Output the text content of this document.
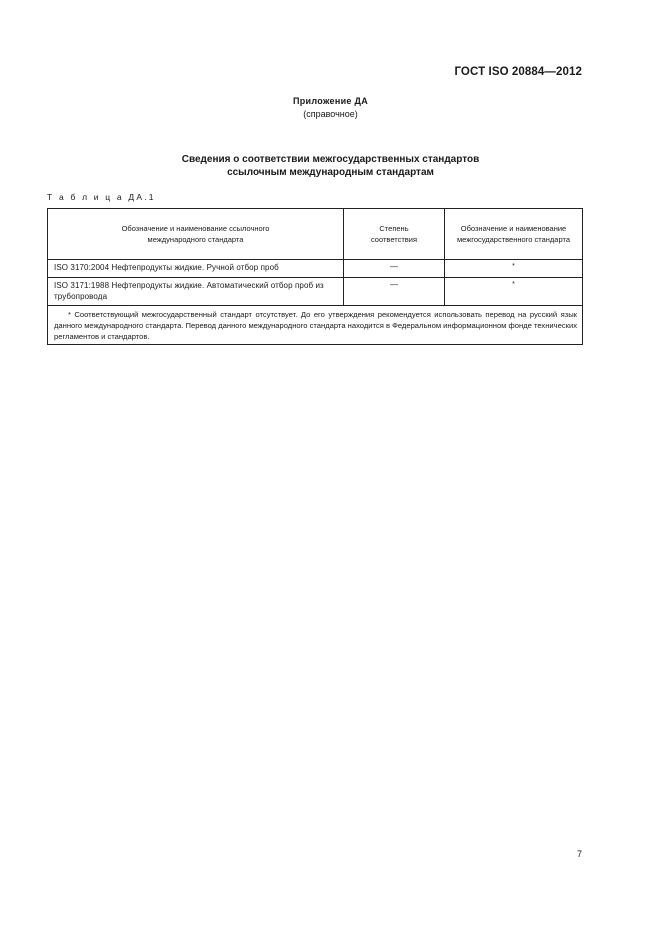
ГОСТ ISO 20884—2012
Приложение ДА
(справочное)
Сведения о соответствии межгосударственных стандартов
ссылочным международным стандартам
Т а б л и ц а ДА.1
Обозначение и наименование ссылочного международного стандарта	Степень соответствия	Обозначение и наименование межгосударственного стандарта
ISO 3170:2004 Нефтепродукты жидкие. Ручной отбор проб	—	*
ISO 3171:1988 Нефтепродукты жидкие. Автоматический отбор проб из трубопровода	—	*
* Соответствующий межгосударственный стандарт отсутствует. До его утверждения рекомендуется использовать перевод на русский язык данного международного стандарта. Перевод данного международного стандарта находится в Федеральном информационном фонде технических регламентов и стандартов.		
7
